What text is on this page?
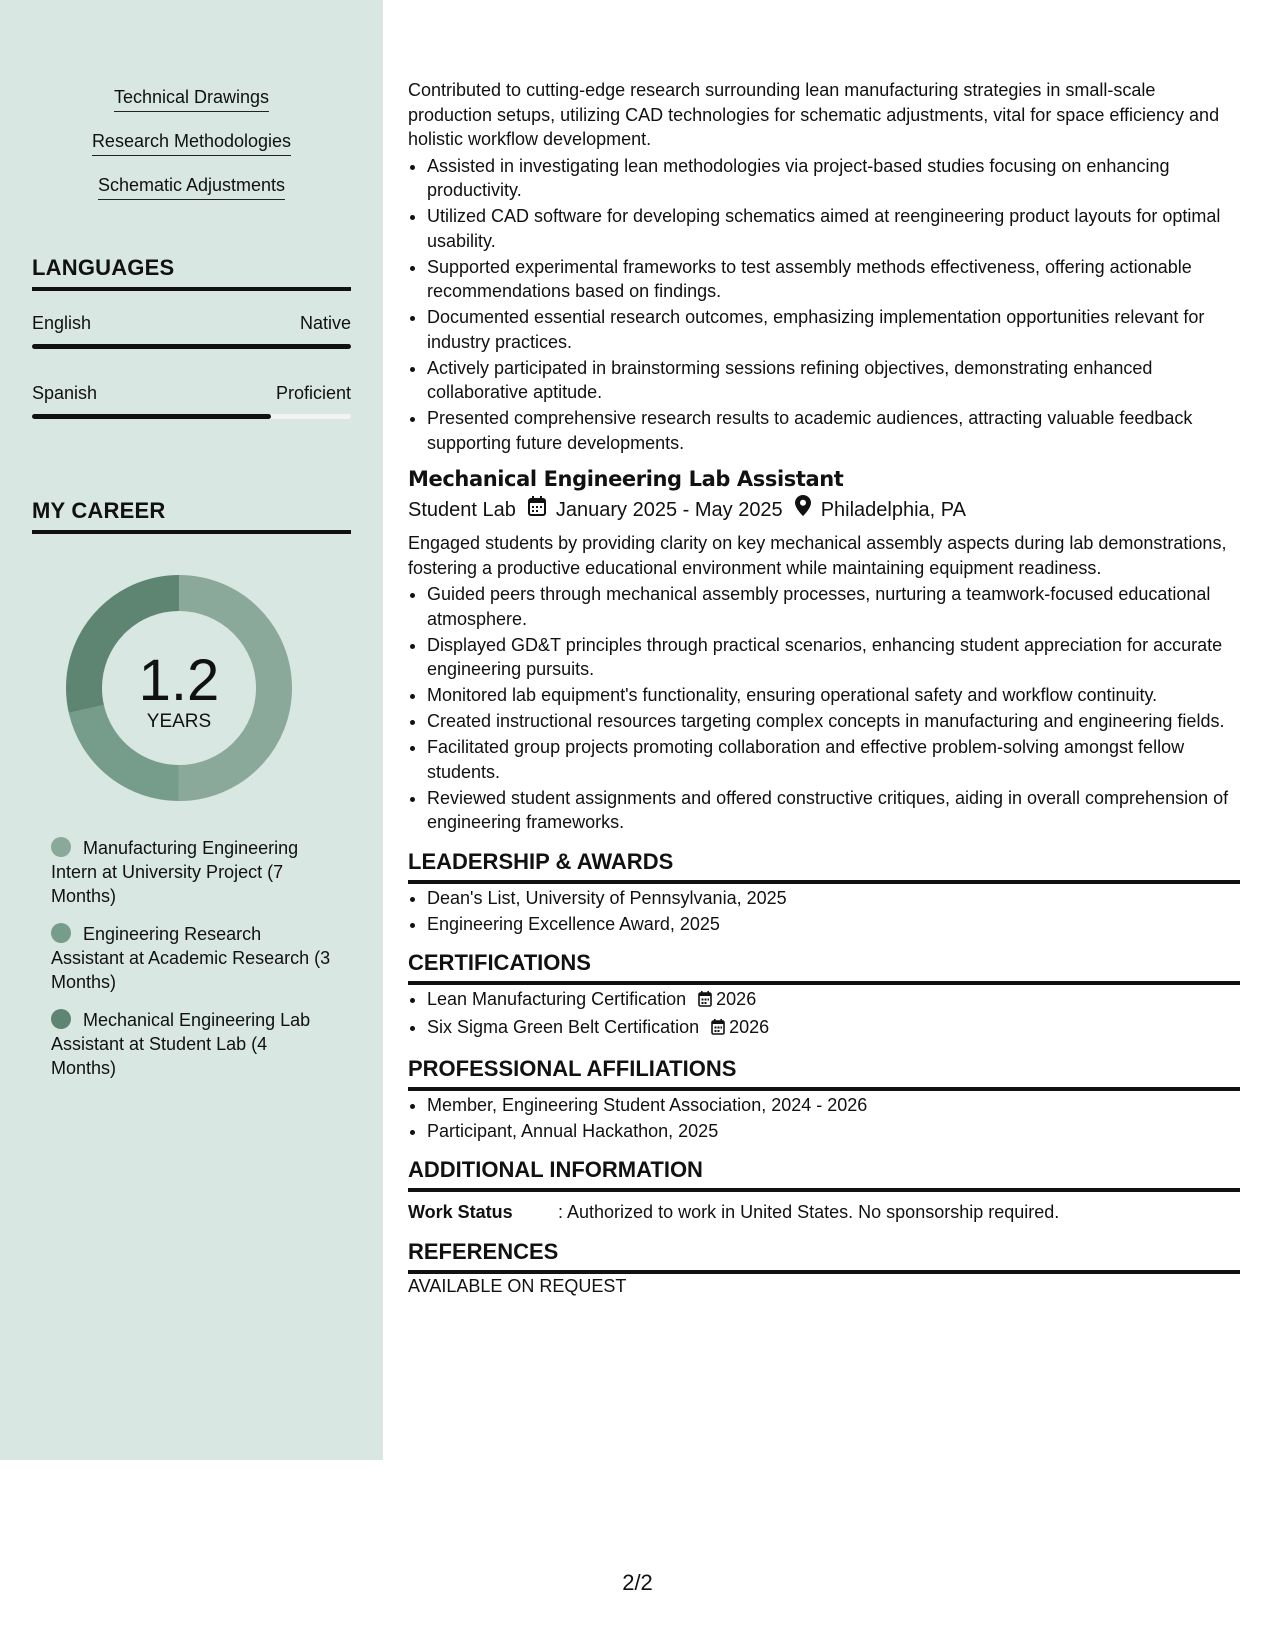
Technical Drawings
Research Methodologies
Schematic Adjustments
LANGUAGES
English	Native
Spanish	Proficient
MY CAREER
1.2
YEARS
Manufacturing Engineering Intern at University Project (7 Months)
Engineering Research Assistant at Academic Research (3 Months)
Mechanical Engineering Lab Assistant at Student Lab (4 Months)

Contributed to cutting-edge research surrounding lean manufacturing strategies in small-scale production setups, utilizing CAD technologies for schematic adjustments, vital for space efficiency and holistic workflow development.

• Assisted in investigating lean methodologies via project-based studies focusing on enhancing productivity.
• Utilized CAD software for developing schematics aimed at reengineering product layouts for optimal usability.
• Supported experimental frameworks to test assembly methods effectiveness, offering actionable recommendations based on findings.
• Documented essential research outcomes, emphasizing implementation opportunities relevant for industry practices.
• Actively participated in brainstorming sessions refining objectives, demonstrating enhanced collaborative aptitude.
• Presented comprehensive research results to academic audiences, attracting valuable feedback supporting future developments.
Mechanical Engineering Lab Assistant
Student Lab January 2025 - May 2025 Philadelphia, PA

Engaged students by providing clarity on key mechanical assembly aspects during lab demonstrations, fostering a productive educational environment while maintaining equipment readiness.

• Guided peers through mechanical assembly processes, nurturing a teamwork-focused educational atmosphere.
• Displayed GD&T principles through practical scenarios, enhancing student appreciation for accurate engineering pursuits.
• Monitored lab equipment's functionality, ensuring operational safety and workflow continuity.
• Created instructional resources targeting complex concepts in manufacturing and engineering fields.
• Facilitated group projects promoting collaboration and effective problem-solving amongst fellow students.
• Reviewed student assignments and offered constructive critiques, aiding in overall comprehension of engineering frameworks.
LEADERSHIP & AWARDS
• Dean's List, University of Pennsylvania, 2025
• Engineering Excellence Award, 2025
CERTIFICATIONS
• Lean Manufacturing Certification 2026
• Six Sigma Green Belt Certification 2026
PROFESSIONAL AFFILIATIONS
• Member, Engineering Student Association, 2024 - 2026
• Participant, Annual Hackathon, 2025
ADDITIONAL INFORMATION
Work Status	: Authorized to work in United States. No sponsorship required.
REFERENCES

AVAILABLE ON REQUEST

2/2
